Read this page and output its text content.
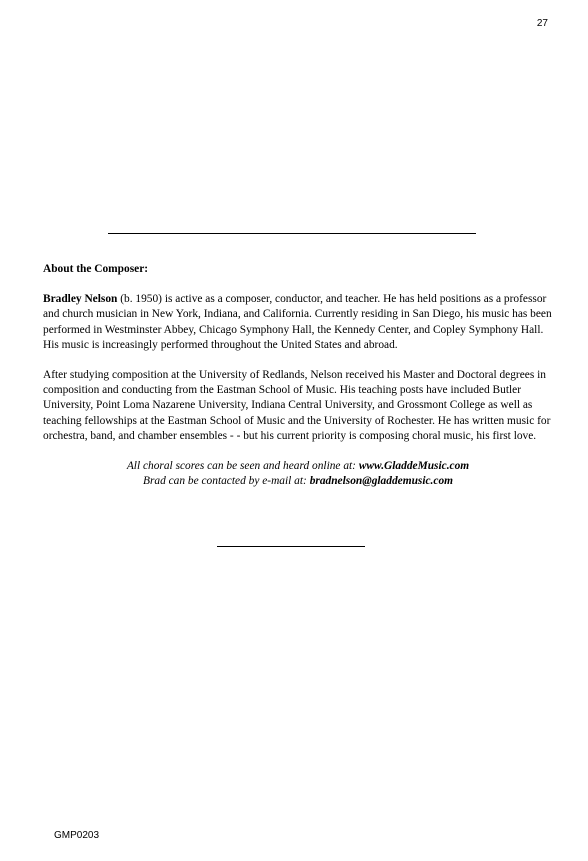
27

About the Composer:

Bradley Nelson (b. 1950) is active as a composer, conductor, and teacher. He has held positions as a professor and church musician in New York, Indiana, and California. Currently residing in San Diego, his music has been performed in Westminster Abbey, Chicago Symphony Hall, the Kennedy Center, and Copley Symphony Hall. His music is increasingly performed throughout the United States and abroad.

After studying composition at the University of Redlands, Nelson received his Master and Doctoral degrees in composition and conducting from the Eastman School of Music. His teaching posts have included Butler University, Point Loma Nazarene University, Indiana Central University, and Grossmont College as well as teaching fellowships at the Eastman School of Music and the University of Rochester. He has written music for orchestra, band, and chamber ensembles - - but his current priority is composing choral music, his first love.

All choral scores can be seen and heard online at: www.GladdeMusic.com

Brad can be contacted by e-mail at: bradnelson@gladdemusic.com

GMP0203
